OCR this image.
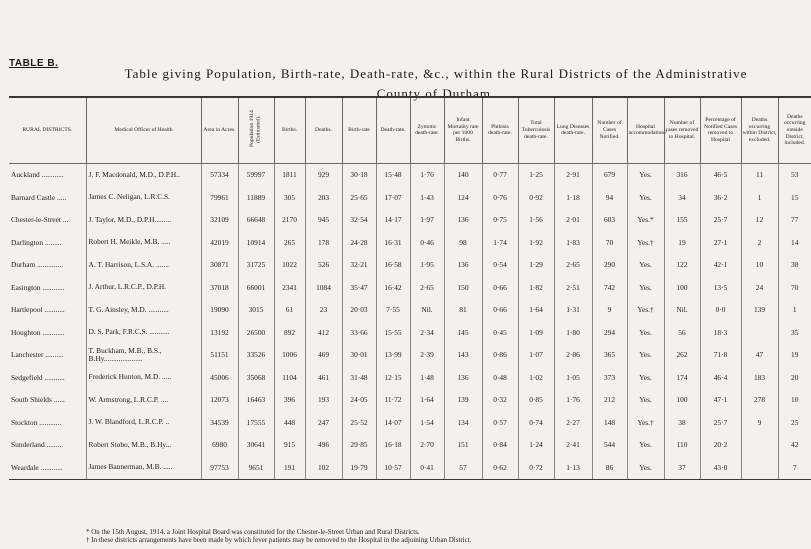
TABLE B.
Table giving Population, Birth-rate, Death-rate, &c., within the Rural Districts of the Administrative County of Durham.
RURAL DISTRICTS.	Medical Officer of Health	Area in Acres.	Population 1914 (Estimated).	Births.	Deaths.	Birth-rate	Death-rate.	Zymotic death-rate.	Infant Mortality rate per 1000 Births.	Phthisis death-rate.	Total Tuberculosis death-rate.	Lung Diseases death-rate.	Number of Cases Notified.	Hospital accommodation?	Number of cases removed to Hospital.	Percentage of Notified Cases removed to Hospital	Deaths occurring within District, excluded.	Deaths occurring outside District, included.
Auckland ............	J. F. Macdonald, M.D., D.P.H..	57334	59997	1811	929	30·18	15·48	1·76	140	0·77	1·25	2·91	679	Yes.	316	46·5	11	53
Barnard Castle .....	James C. Neligan, L.R.C.S.	79961	11889	305	203	25·65	17·07	1·43	124	0·76	0·92	1·18	94	Yes.	34	36·2	1	15
Chester-le-Street ...	J. Taylor, M.D., D.P.H.........	32109	66648	2170	945	32·54	14·17	1·97	136	0·75	1·56	2·01	603	Yes.*	155	25·7	12	77
Darlington .........	Robert H. Meikle, M.B. .....	42019	10914	265	178	24·28	16·31	0·46	98	1·74	1·92	1·83	70	Yes.†	19	27·1	2	14
Durham ..............	A. T. Harrison, L.S.A. .......	30871	31725	1022	526	32·21	16·58	1·95	136	0·54	1·29	2·65	290	Yes.	122	42·1	10	38
Easington ............	J. Arthur, L.R.C.P., D.P.H.	37018	66001	2341	1084	35·47	16·42	2·65	150	0·66	1·82	2·51	742	Yes.	100	13·5	24	70
Hartlepool ...........	T. G. Ainsley, M.D. ...........	19090	3015	61	23	20·03	7·55	Nil.	81	0·66	1·64	1·31	9	Yes.†	Nil.	0·0	139	1
Houghton ............	D. S. Park, F.R.C.S. ...........	13192	26500	892	412	33·66	15·55	2·34	145	0·45	1·09	1·80	294	Yes.	56	18·3		35
Lanchester ..........	T. Buckham, M.B., B.S., B.Hy.....................	51151	33526	1006	469	30·01	13·99	2·39	143	0·86	1·07	2·86	365	Yes.	262	71·8	47	19
Sedgefield ...........	Frederick Hunton, M.D. .....	45006	35068	1104	461	31·48	12·15	1·48	136	0·48	1·02	1·05	373	Yes.	174	46·4	183	20
South Shields ......	W. Armstrong, L.R.C.P. ....	12073	16463	396	193	24·05	11·72	1·64	139	0·32	0·85	1·76	212	Yes.	100	47·1	278	10
Stockton ............	J. W. Blandford, L.R.C.P. ..	34539	17555	448	247	25·52	14·07	1·54	134	0·57	0·74	2·27	148	Yes.†	38	25·7	9	25
Sunderland .........	Robert Stobo, M.B., B.Hy...	6980	30641	915	496	29·85	16·18	2·70	151	0·84	1·24	2·41	544	Yes.	110	20·2		42
Weardale ............	James Bannerman, M.B. .....	97753	9651	191	102	19·79	10·57	0·41	57	0·62	0·72	1·13	86	Yes.	37	43·0		7
* On the 15th August, 1914, a Joint Hospital Board was constituted for the Chester-le-Street Urban and Rural Districts.
† In these districts arrangements have been made by which fever patients may be removed to the Hospital in the adjoining Urban District.
